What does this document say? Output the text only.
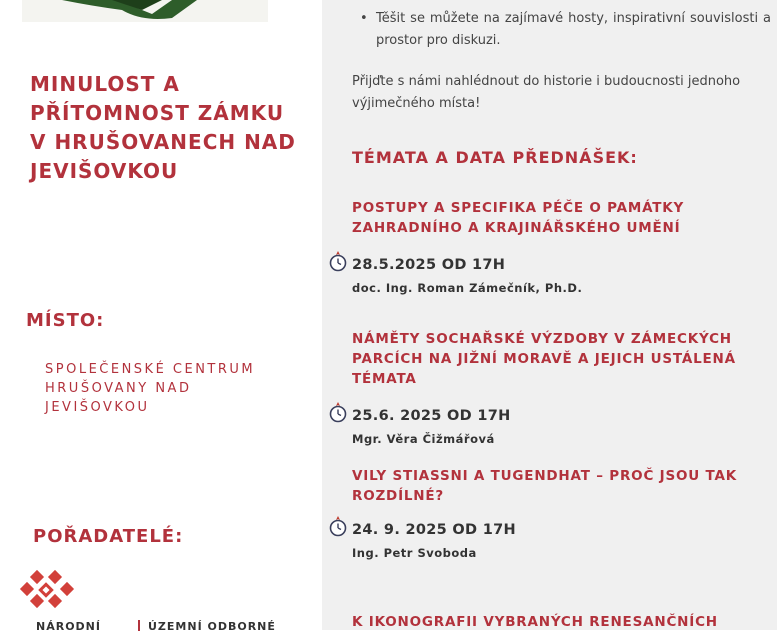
MINULOST A PŘÍTOMNOST ZÁMKU V HRUŠOVANECH NAD JEVIŠOVKOU
MÍSTO:
SPOLEČENSKÉ CENTRUM HRUŠOVANY NAD JEVIŠOVKOU
POŘADATELÉ:
NÁRODNÍ	ÚZEMNÍ ODBORNÉ
• Těšit se můžete na zajímavé hosty, inspirativní souvislosti a prostor pro diskuzi.

Přijďte s námi nahlédnout do historie i budoucnosti jednoho výjimečného místa!

TÉMATA A DATA PŘEDNÁŠEK:

POSTUPY A SPECIFIKA PÉČE O PAMÁTKY ZAHRADNÍHO A KRAJINÁŘSKÉHO UMĚNÍ

28.5.2025 OD 17H
doc. Ing. Roman Zámečník, Ph.D.

NÁMĚTY SOCHAŘSKÉ VÝZDOBY V ZÁMECKÝCH PARCÍCH NA JIŽNÍ MORAVĚ A JEJICH USTÁLENÁ TÉMATA

25.6. 2025 OD 17H
Mgr. Věra Čižmářová

VILY STIASSNI A TUGENDHAT – PROČ JSOU TAK ROZDÍLNÉ?

24. 9. 2025 OD 17H
Ing. Petr Svoboda

K IKONOGRAFII VYBRANÝCH RENESANČNÍCH
